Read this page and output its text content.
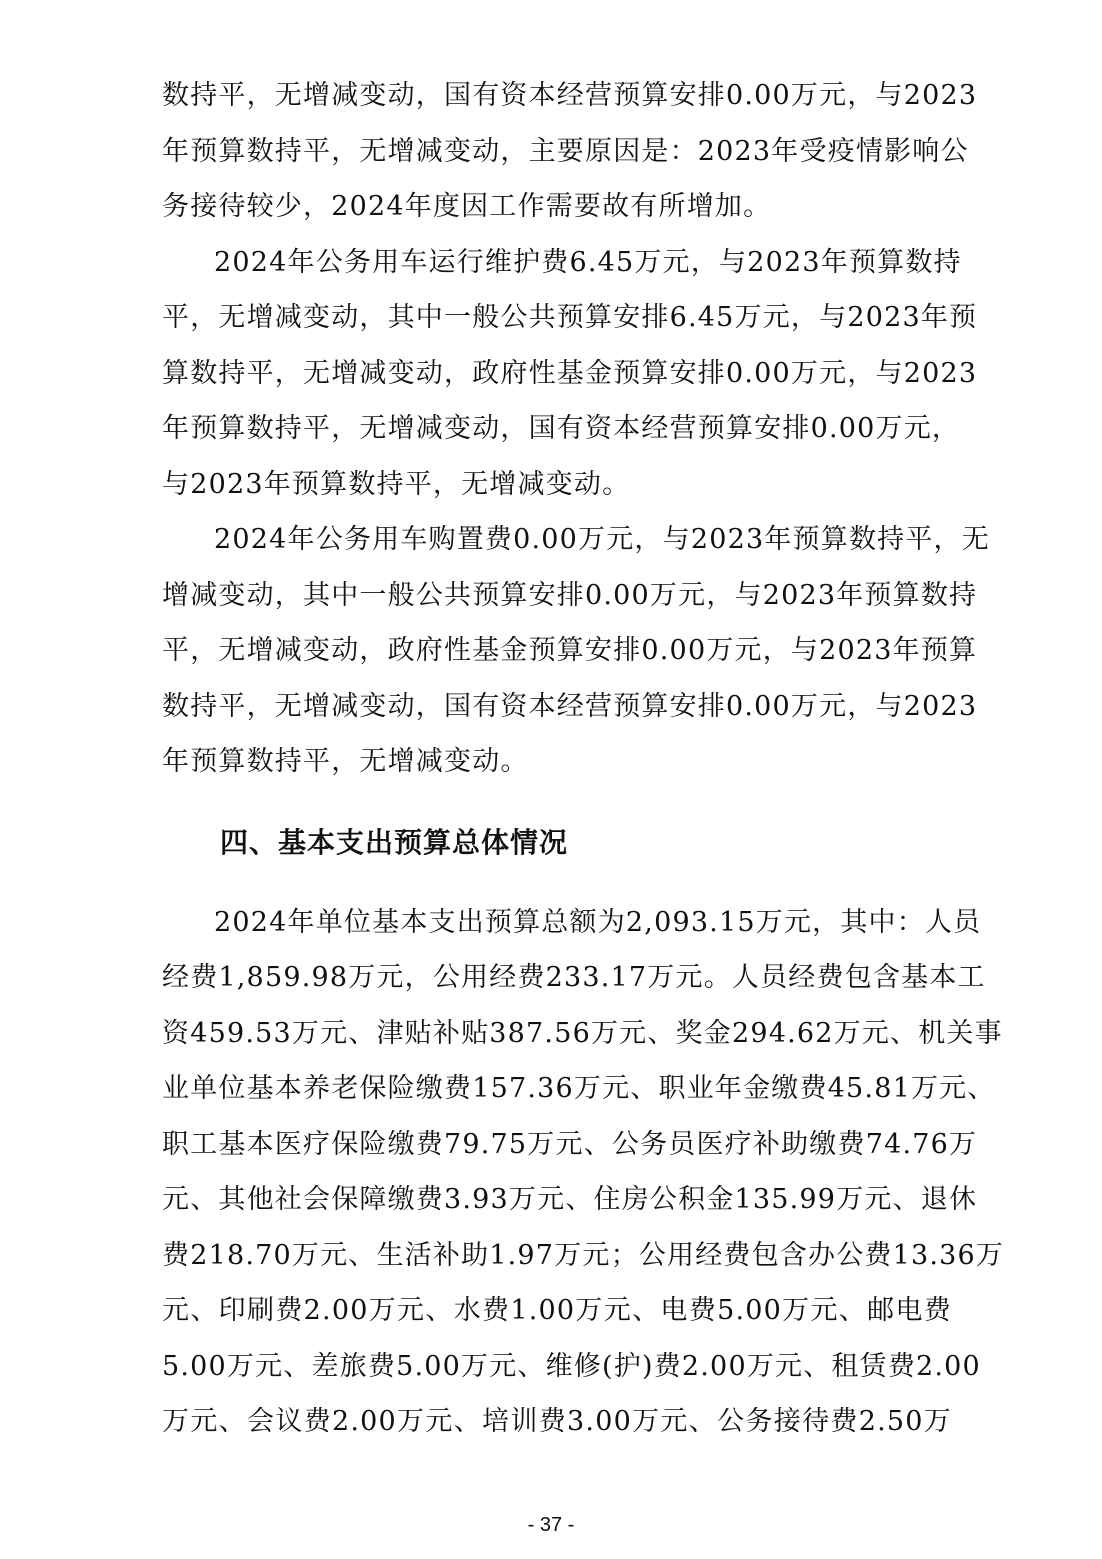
数持平，无增减变动，国有资本经营预算安排0.00万元，与2023
年预算数持平，无增减变动，主要原因是：2023年受疫情影响公
务接待较少，2024年度因工作需要故有所增加。
2024年公务用车运行维护费6.45万元，与2023年预算数持
平，无增减变动，其中一般公共预算安排6.45万元，与2023年预
算数持平，无增减变动，政府性基金预算安排0.00万元，与2023
年预算数持平，无增减变动，国有资本经营预算安排0.00万元，
与2023年预算数持平，无增减变动。
2024年公务用车购置费0.00万元，与2023年预算数持平，无
增减变动，其中一般公共预算安排0.00万元，与2023年预算数持
平，无增减变动，政府性基金预算安排0.00万元，与2023年预算
数持平，无增减变动，国有资本经营预算安排0.00万元，与2023
年预算数持平，无增减变动。
四、基本支出预算总体情况
2024年单位基本支出预算总额为2,093.15万元，其中：人员
经费1,859.98万元，公用经费233.17万元。人员经费包含基本工
资459.53万元、津贴补贴387.56万元、奖金294.62万元、机关事
业单位基本养老保险缴费157.36万元、职业年金缴费45.81万元、
职工基本医疗保险缴费79.75万元、公务员医疗补助缴费74.76万
元、其他社会保障缴费3.93万元、住房公积金135.99万元、退休
费218.70万元、生活补助1.97万元；公用经费包含办公费13.36万
元、印刷费2.00万元、水费1.00万元、电费5.00万元、邮电费
5.00万元、差旅费5.00万元、维修(护)费2.00万元、租赁费2.00
万元、会议费2.00万元、培训费3.00万元、公务接待费2.50万
- 37 -
